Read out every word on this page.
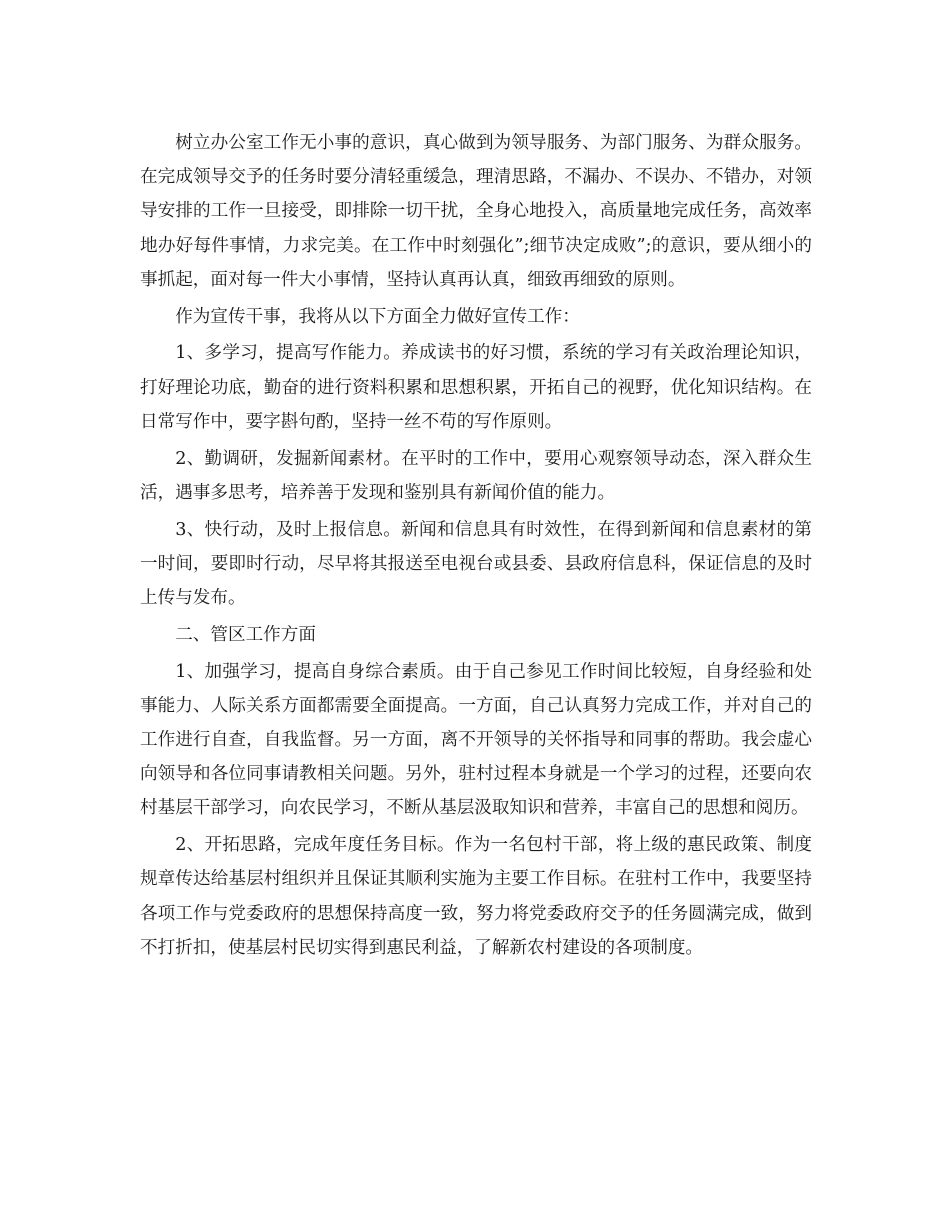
树立办公室工作无小事的意识，真心做到为领导服务、为部门服务、为群众服务。在完成领导交予的任务时要分清轻重缓急，理清思路，不漏办、不误办、不错办，对领导安排的工作一旦接受，即排除一切干扰，全身心地投入，高质量地完成任务，高效率地办好每件事情，力求完美。在工作中时刻强化”;细节决定成败”;的意识，要从细小的事抓起，面对每一件大小事情，坚持认真再认真，细致再细致的原则。

作为宣传干事，我将从以下方面全力做好宣传工作：

1、多学习，提高写作能力。养成读书的好习惯，系统的学习有关政治理论知识，打好理论功底，勤奋的进行资料积累和思想积累，开拓自己的视野，优化知识结构。在日常写作中，要字斟句酌，坚持一丝不苟的写作原则。

2、勤调研，发掘新闻素材。在平时的工作中，要用心观察领导动态，深入群众生活，遇事多思考，培养善于发现和鉴别具有新闻价值的能力。

3、快行动，及时上报信息。新闻和信息具有时效性，在得到新闻和信息素材的第一时间，要即时行动，尽早将其报送至电视台或县委、县政府信息科，保证信息的及时上传与发布。

二、管区工作方面

1、加强学习，提高自身综合素质。由于自己参见工作时间比较短，自身经验和处事能力、人际关系方面都需要全面提高。一方面，自己认真努力完成工作，并对自己的工作进行自查，自我监督。另一方面，离不开领导的关怀指导和同事的帮助。我会虚心向领导和各位同事请教相关问题。另外，驻村过程本身就是一个学习的过程，还要向农村基层干部学习，向农民学习，不断从基层汲取知识和营养，丰富自己的思想和阅历。

2、开拓思路，完成年度任务目标。作为一名包村干部，将上级的惠民政策、制度规章传达给基层村组织并且保证其顺利实施为主要工作目标。在驻村工作中，我要坚持各项工作与党委政府的思想保持高度一致，努力将党委政府交予的任务圆满完成，做到不打折扣，使基层村民切实得到惠民利益，了解新农村建设的各项制度。
